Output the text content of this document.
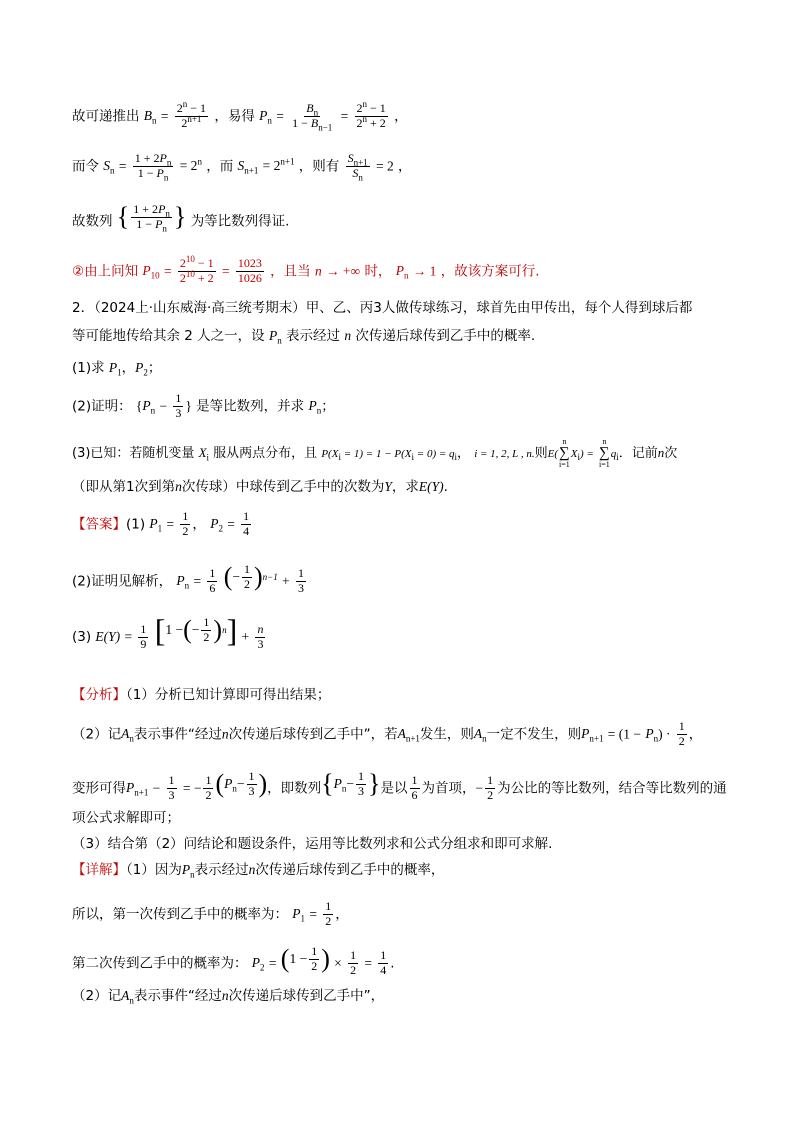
故可递推出 $B_n = \frac{2^n - 1}{2^{n+1}}$ ，易得 $P_n = \frac{B_n}{1 - B_{n-1}} = \frac{2^n - 1}{2^n + 2}$ ，
而令 $S_n = \frac{1 + 2P_n}{1 - P_n} = 2^n$ ，而 $S_{n+1} = 2^{n+1}$ ，则有 $\frac{S_{n+1}}{S_n} = 2$ ，
故数列 { $\frac{1 + 2P_n}{1 - P_n}$ } 为等比数列得证.
②由上问知 $P_{10} = \frac{2^{10} - 1}{2^{10} + 2} = \frac{1023}{1026}$ ，且当 n → +∞ 时， $P_n \to 1$ ，故该方案可行.
2．（2024上·山东威海·高三统考期末）甲、乙、丙3人做传球练习，球首先由甲传出，每个人得到球后都
等可能地传给其余 2 人之一，设 $P_n$ 表示经过 n 次传递后球传到乙手中的概率.
(1)求 $P_1$，$P_2$；
(2)证明： {$P_n - \frac{1}{3}$ } 是等比数列，并求 $P_n$；
(3)已知：若随机变量 $X_i$ 服从两点分布，且 $P(X_i = 1) = 1 - P(X_i = 0) = q_i$， i = 1, 2, L , n.则E(
n
∑
i=1
$X_i$) =
n
∑
i=1
$q_i$．记前n次
（即从第1次到第n次传球）中球传到乙手中的次数为Y，求E(Y).
【答案】(1) $P_1 = \frac{1}{2}$ ， $P_2 = \frac{1}{4}$
(2)证明见解析， $P_n = \frac{1}{6}$
( − $\frac{1}{2}$ ) $^{n-1} + \frac{1}{3}$
(3) $E(Y) = \frac{1}{9}$
[ 1 − ( − $\frac{1}{2}$ ) n ] + $\frac{n}{3}$
【分析】（1）分析已知计算即可得出结果；
（2）记$A_n$表示事件“经过n次传递后球传到乙手中”，若$A_{n+1}$发生，则$A_n$一定不发生，则$P_{n+1} = (1 - P_n) \cdot \frac{1}{2}$ ，
变形可得$P_{n+1} - \frac{1}{3}$ = − $\frac{1}{2}$ ( $P_n - \frac{1}{3}$ ) ，即数列 { $P_n - \frac{1}{3}$ } 是以 $\frac{1}{6}$ 为首项，− $\frac{1}{2}$ 为公比的等比数列，结合等比数列的通
项公式求解即可；
（3）结合第（2）问结论和题设条件，运用等比数列求和公式分组求和即可求解.
【详解】（1）因为$P_n$表示经过n次传递后球传到乙手中的概率，
所以，第一次传到乙手中的概率为： $P_1 = \frac{1}{2}$ ，
第二次传到乙手中的概率为： $P_2$ = ( $1 - \frac{1}{2}$ ) × $\frac{1}{2} = \frac{1}{4}$ .
（2）记$A_n$表示事件“经过n次传递后球传到乙手中”，
